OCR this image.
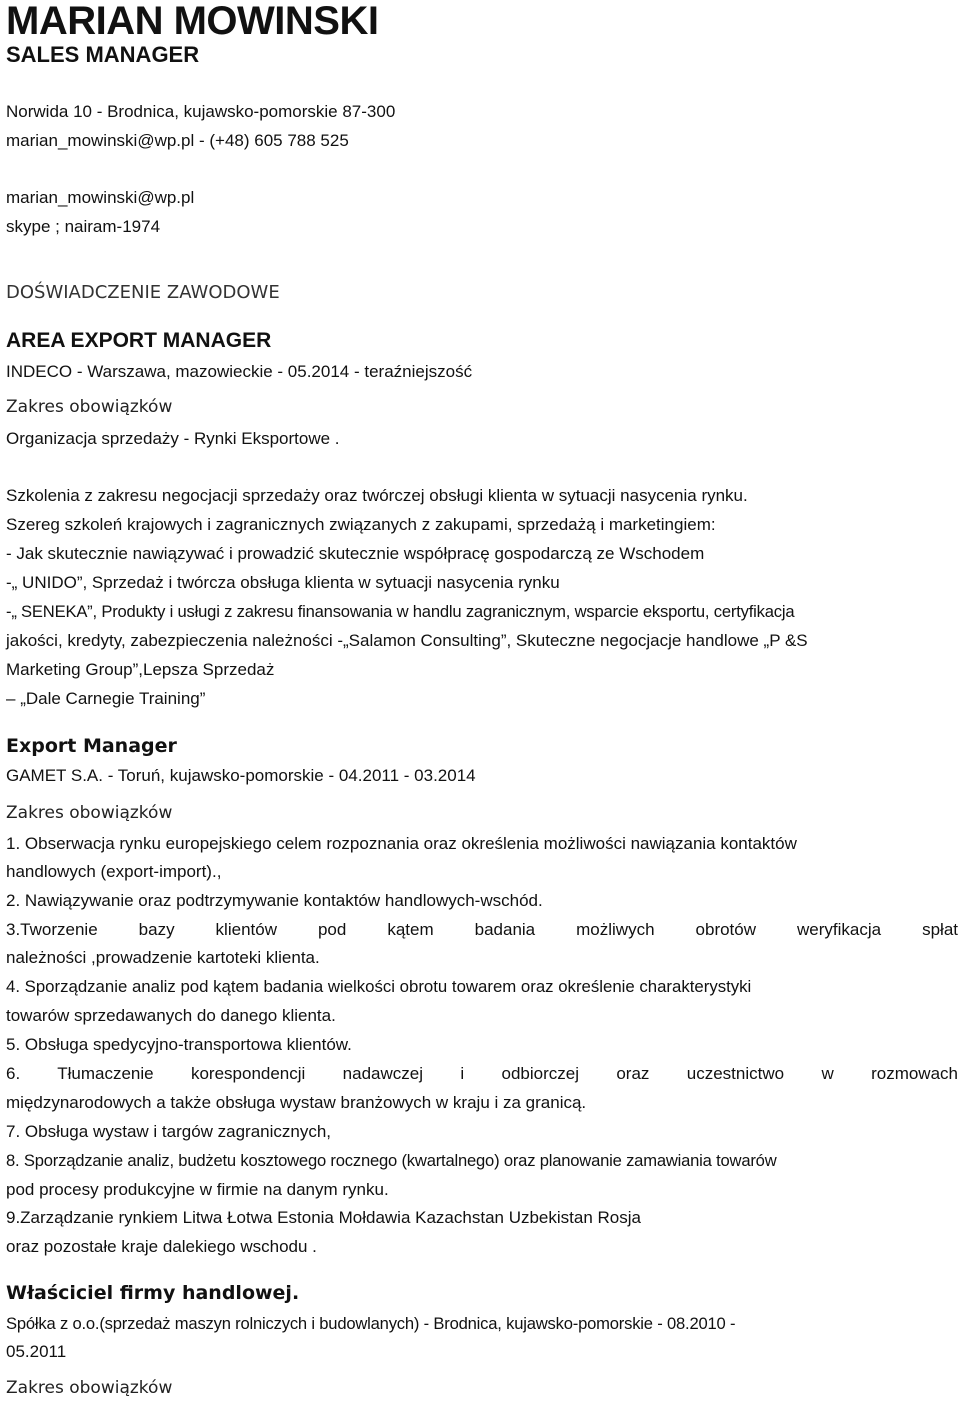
MARIAN MOWINSKI
SALES MANAGER
Norwida 10 - Brodnica, kujawsko-pomorskie 87-300
marian_mowinski@wp.pl - (+48) 605 788 525
marian_mowinski@wp.pl
skype ; nairam-1974
DOŚWIADCZENIE ZAWODOWE
AREA EXPORT MANAGER
INDECO - Warszawa, mazowieckie - 05.2014 - teraźniejszość
Zakres obowiązków
Organizacja sprzedaży - Rynki Eksportowe .
Szkolenia z zakresu negocjacji sprzedaży oraz twórczej obsługi klienta w sytuacji nasycenia rynku.
Szereg szkoleń krajowych i zagranicznych związanych z zakupami, sprzedażą i marketingiem:
- Jak skutecznie nawiązywać i prowadzić skutecznie współpracę gospodarczą ze Wschodem
-„ UNIDO”, Sprzedaż i twórcza obsługa klienta w sytuacji nasycenia rynku
-„ SENEKA”, Produkty i usługi z zakresu finansowania w handlu zagranicznym, wsparcie eksportu, certyfikacja
jakości, kredyty, zabezpieczenia należności -„Salamon Consulting”, Skuteczne negocjacje handlowe „P &S
Marketing Group”,Lepsza Sprzedaż
– „Dale Carnegie Training”
Export Manager
GAMET S.A. - Toruń, kujawsko-pomorskie - 04.2011 - 03.2014
Zakres obowiązków
1. Obserwacja rynku europejskiego celem rozpoznania oraz określenia możliwości nawiązania kontaktów
handlowych (export-import).,
2. Nawiązywanie oraz podtrzymywanie kontaktów handlowych-wschód.
3.Tworzenie bazy klientów pod kątem badania możliwych obrotów weryfikacja spłat
należności ,prowadzenie kartoteki klienta.
4. Sporządzanie analiz pod kątem badania wielkości obrotu towarem oraz określenie charakterystyki
towarów sprzedawanych do danego klienta.
5. Obsługa spedycyjno-transportowa klientów.
6. Tłumaczenie korespondencji nadawczej i odbiorczej oraz uczestnictwo w rozmowach
międzynarodowych a także obsługa wystaw branżowych w kraju i za granicą.
7. Obsługa wystaw i targów zagranicznych,
8. Sporządzanie analiz, budżetu kosztowego rocznego (kwartalnego) oraz planowanie zamawiania towarów
pod procesy produkcyjne w firmie na danym rynku.
9.Zarządzanie rynkiem Litwa Łotwa Estonia Mołdawia Kazachstan Uzbekistan Rosja
oraz pozostałe kraje dalekiego wschodu .
Właściciel firmy handlowej.
Spółka z o.o.(sprzedaż maszyn rolniczych i budowlanych) - Brodnica, kujawsko-pomorskie - 08.2010 -
05.2011
Zakres obowiązków
